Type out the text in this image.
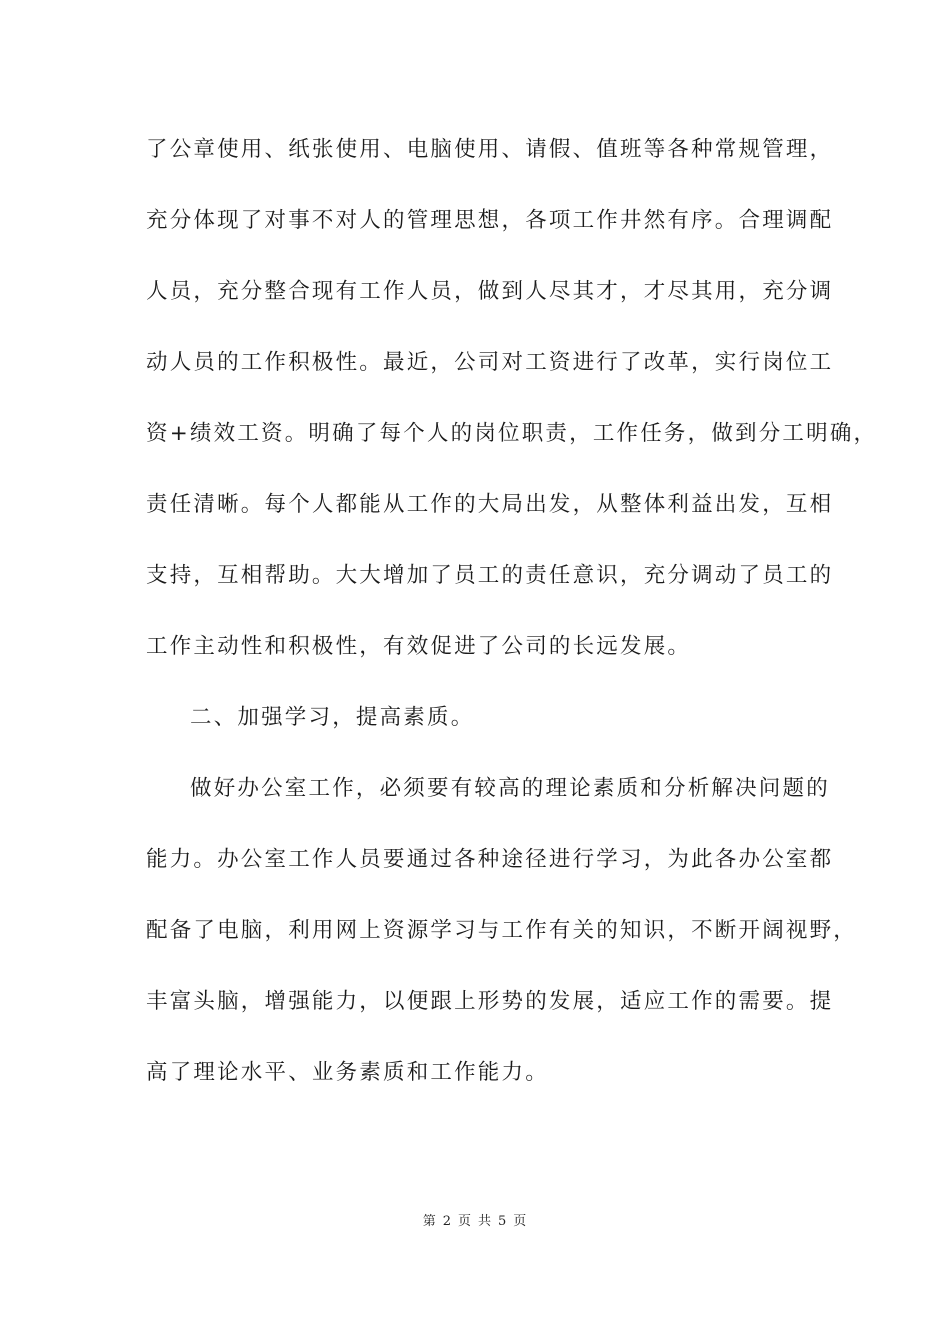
了公章使用、纸张使用、电脑使用、请假、值班等各种常规管理，
充分体现了对事不对人的管理思想，各项工作井然有序。合理调配
人员，充分整合现有工作人员，做到人尽其才，才尽其用，充分调
动人员的工作积极性。最近，公司对工资进行了改革，实行岗位工
资+绩效工资。明确了每个人的岗位职责，工作任务，做到分工明确，
责任清晰。每个人都能从工作的大局出发，从整体利益出发，互相
支持，互相帮助。大大增加了员工的责任意识，充分调动了员工的
工作主动性和积极性，有效促进了公司的长远发展。
二、加强学习，提高素质。
做好办公室工作，必须要有较高的理论素质和分析解决问题的
能力。办公室工作人员要通过各种途径进行学习，为此各办公室都
配备了电脑，利用网上资源学习与工作有关的知识，不断开阔视野，
丰富头脑，增强能力，以便跟上形势的发展，适应工作的需要。提
高了理论水平、业务素质和工作能力。
第 2 页 共 5 页
